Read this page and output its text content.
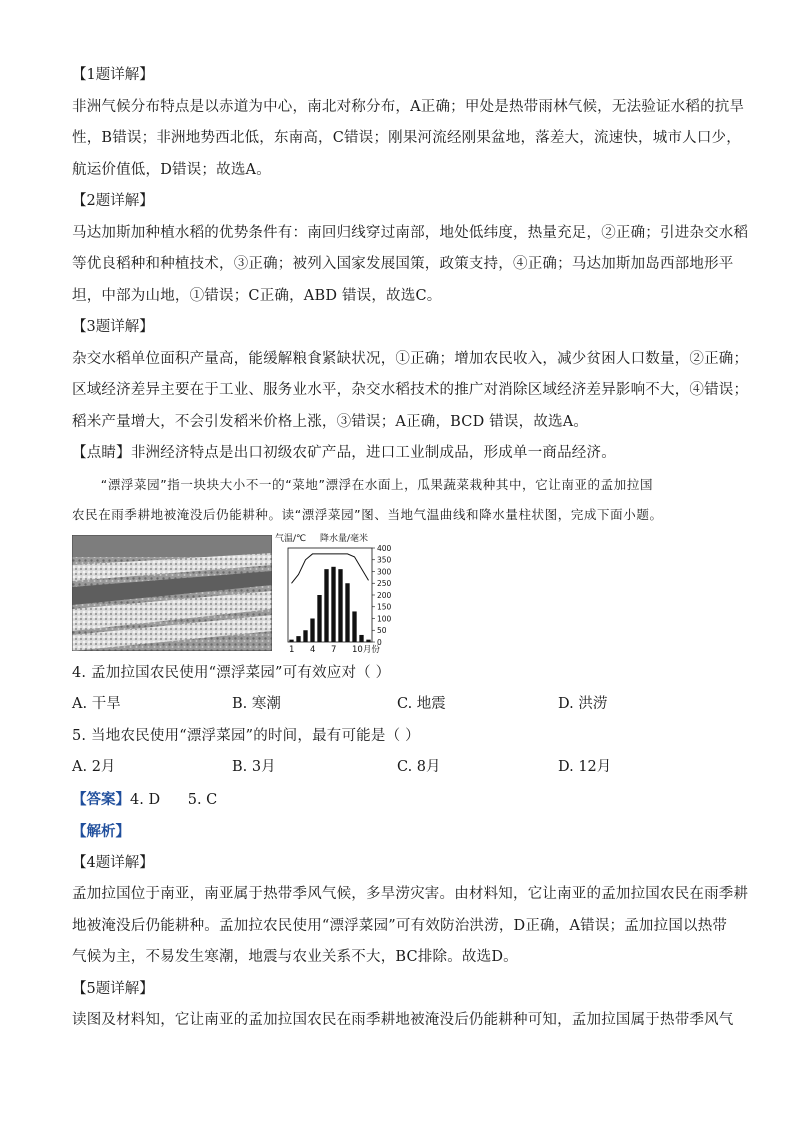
【1题详解】
非洲气候分布特点是以赤道为中心，南北对称分布，A正确；甲处是热带雨林气候，无法验证水稻的抗旱
性，B错误；非洲地势西北低，东南高，C错误；刚果河流经刚果盆地，落差大，流速快，城市人口少，
航运价值低，D错误；故选A。
【2题详解】
马达加斯加种植水稻的优势条件有：南回归线穿过南部，地处低纬度，热量充足，②正确；引进杂交水稻
等优良稻种和种植技术，③正确；被列入国家发展国策，政策支持，④正确；马达加斯加岛西部地形平
坦，中部为山地，①错误；C正确，ABD 错误，故选C。
【3题详解】
杂交水稻单位面积产量高，能缓解粮食紧缺状况，①正确；增加农民收入，减少贫困人口数量，②正确；
区域经济差异主要在于工业、服务业水平，杂交水稻技术的推广对消除区域经济差异影响不大，④错误；
稻米产量增大，不会引发稻米价格上涨，③错误；A正确，BCD 错误，故选A。
【点睛】非洲经济特点是出口初级农矿产品，进口工业制成品，形成单一商品经济。
“漂浮菜园”指一块块大小不一的“菜地”漂浮在水面上，瓜果蔬菜栽种其中，它让南亚的孟加拉国
农民在雨季耕地被淹没后仍能耕种。读“漂浮菜园”图、当地气温曲线和降水量柱状图，完成下面小题。
气温/℃ 降水量/毫米
400
350
300
250
200
150
100
50
0
1 4 7 10月份
4. 孟加拉国农民使用“漂浮菜园”可有效应对（ ）
A. 干旱	B. 寒潮	C. 地震	D. 洪涝
5. 当地农民使用“漂浮菜园”的时间，最有可能是（ ）
A. 2月	B. 3月	C. 8月	D. 12月
【答案】4. D      5. C
【解析】
【4题详解】
孟加拉国位于南亚，南亚属于热带季风气候，多旱涝灾害。由材料知，它让南亚的孟加拉国农民在雨季耕
地被淹没后仍能耕种。孟加拉农民使用“漂浮菜园”可有效防治洪涝，D正确，A错误；孟加拉国以热带
气候为主，不易发生寒潮，地震与农业关系不大，BC排除。故选D。
【5题详解】
读图及材料知，它让南亚的孟加拉国农民在雨季耕地被淹没后仍能耕种可知，孟加拉国属于热带季风气
